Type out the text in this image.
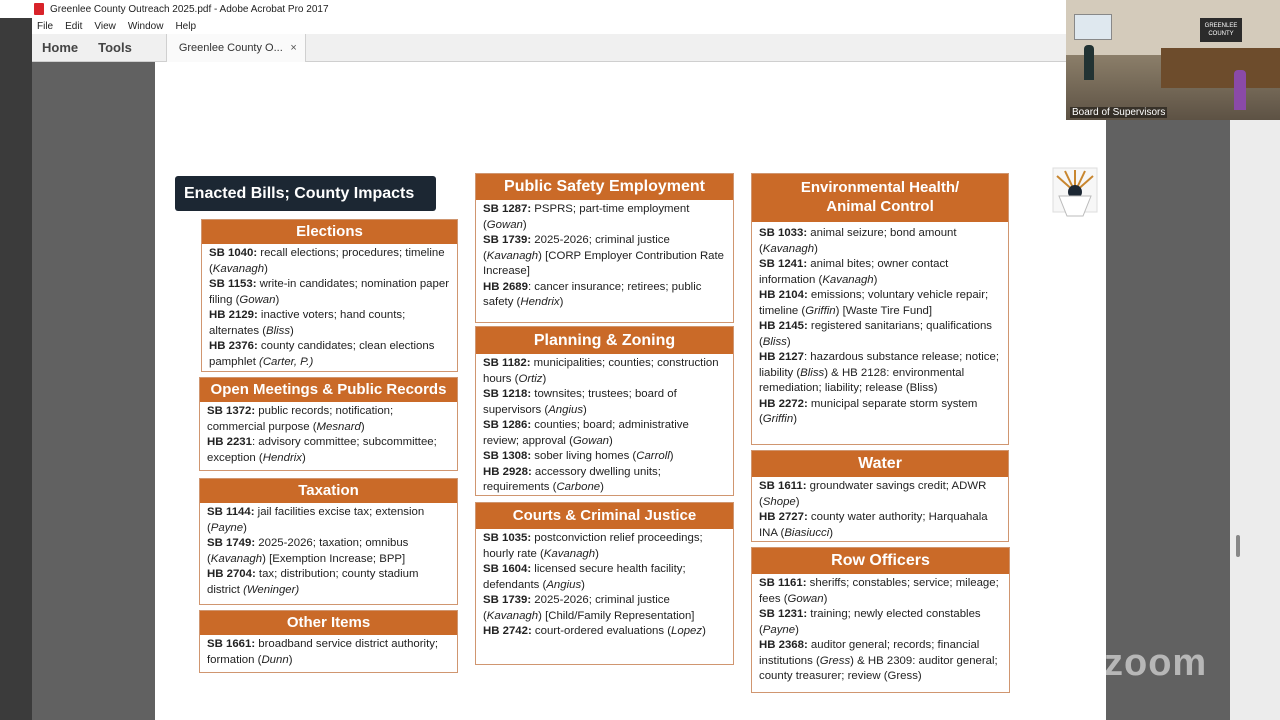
Greenlee County Outreach 2025.pdf - Adobe Acrobat Pro 2017
File Edit View Window Help
Home	Tools	Greenlee County O... ×
Enacted Bills; County Impacts
Elections
SB 1040: recall elections; procedures; timeline (Kavanagh)
SB 1153: write-in candidates; nomination paper filing (Gowan)
HB 2129: inactive voters; hand counts; alternates (Bliss)
HB 2376: county candidates; clean elections pamphlet (Carter, P.)
Open Meetings & Public Records
SB 1372: public records; notification; commercial purpose (Mesnard)
HB 2231: advisory committee; subcommittee; exception (Hendrix)
Taxation
SB 1144: jail facilities excise tax; extension (Payne)
SB 1749: 2025-2026; taxation; omnibus (Kavanagh) [Exemption Increase; BPP]
HB 2704: tax; distribution; county stadium district (Weninger)
Other Items
SB 1661: broadband service district authority; formation (Dunn)
Public Safety Employment
SB 1287: PSPRS; part-time employment (Gowan)
SB 1739: 2025-2026; criminal justice (Kavanagh) [CORP Employer Contribution Rate Increase]
HB 2689: cancer insurance; retirees; public safety (Hendrix)
Planning & Zoning
SB 1182: municipalities; counties; construction hours (Ortiz)
SB 1218: townsites; trustees; board of supervisors (Angius)
SB 1286: counties; board; administrative review; approval (Gowan)
SB 1308: sober living homes (Carroll)
HB 2928: accessory dwelling units; requirements (Carbone)
Courts & Criminal Justice
SB 1035: postconviction relief proceedings; hourly rate (Kavanagh)
SB 1604: licensed secure health facility; defendants (Angius)
SB 1739: 2025-2026; criminal justice (Kavanagh) [Child/Family Representation]
HB 2742: court-ordered evaluations (Lopez)
Environmental Health/ Animal Control
SB 1033: animal seizure; bond amount (Kavanagh)
SB 1241: animal bites; owner contact information (Kavanagh)
HB 2104: emissions; voluntary vehicle repair; timeline (Griffin) [Waste Tire Fund]
HB 2145: registered sanitarians; qualifications (Bliss)
HB 2127: hazardous substance release; notice; liability (Bliss) & HB 2128: environmental remediation; liability; release (Bliss)
HB 2272: municipal separate storm system (Griffin)
Water
SB 1611: groundwater savings credit; ADWR (Shope)
HB 2727: county water authority; Harquahala INA (Biasiucci)
Row Officers
SB 1161: sheriffs; constables; service; mileage; fees (Gowan)
SB 1231: training; newly elected constables (Payne)
HB 2368: auditor general; records; financial institutions (Gress) & HB 2309: auditor general; county treasurer; review (Gress)	zoom
GREENLEE COUNTY
Board of Supervisors
